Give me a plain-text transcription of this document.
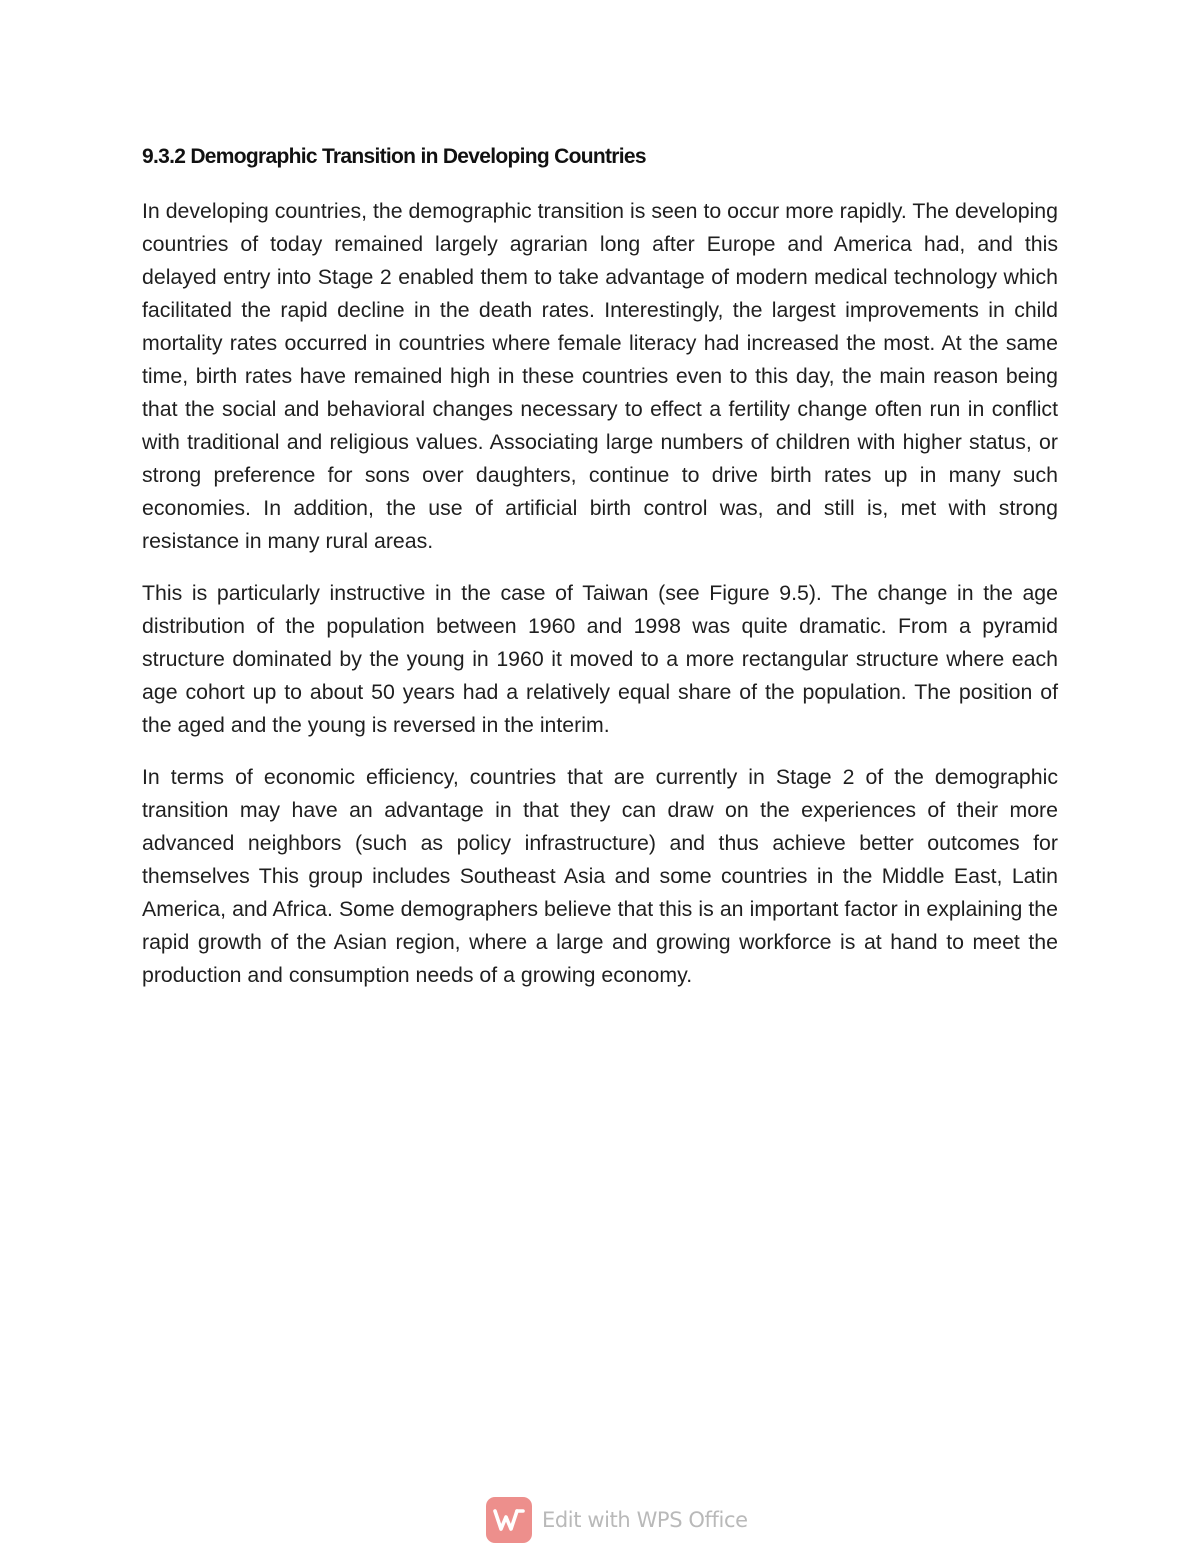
9.3.2 Demographic Transition in Developing Countries

In developing countries, the demographic transition is seen to occur more rapidly. The developing countries of today remained largely agrarian long after Europe and America had, and this delayed entry into Stage 2 enabled them to take advantage of modern medical technology which facilitated the rapid decline in the death rates. Interestingly, the largest improvements in child mortality rates occurred in countries where female literacy had increased the most. At the same time, birth rates have remained high in these countries even to this day, the main reason being that the social and behavioral changes necessary to effect a fertility change often run in conflict with traditional and religious values. Associating large numbers of children with higher status, or strong preference for sons over daughters, continue to drive birth rates up in many such economies. In addition, the use of artificial birth control was, and still is, met with strong resistance in many rural areas.

This is particularly instructive in the case of Taiwan (see Figure 9.5). The change in the age distribution of the population between 1960 and 1998 was quite dramatic. From a pyramid structure dominated by the young in 1960 it moved to a more rectangular structure where each age cohort up to about 50 years had a relatively equal share of the population. The position of the aged and the young is reversed in the interim.

In terms of economic efficiency, countries that are currently in Stage 2 of the demographic transition may have an advantage in that they can draw on the experiences of their more advanced neighbors (such as policy infrastructure) and thus achieve better outcomes for themselves This group includes Southeast Asia and some countries in the Middle East, Latin America, and Africa. Some demographers believe that this is an important factor in explaining the rapid growth of the Asian region, where a large and growing workforce is at hand to meet the production and consumption needs of a growing economy.

Edit with WPS Office
